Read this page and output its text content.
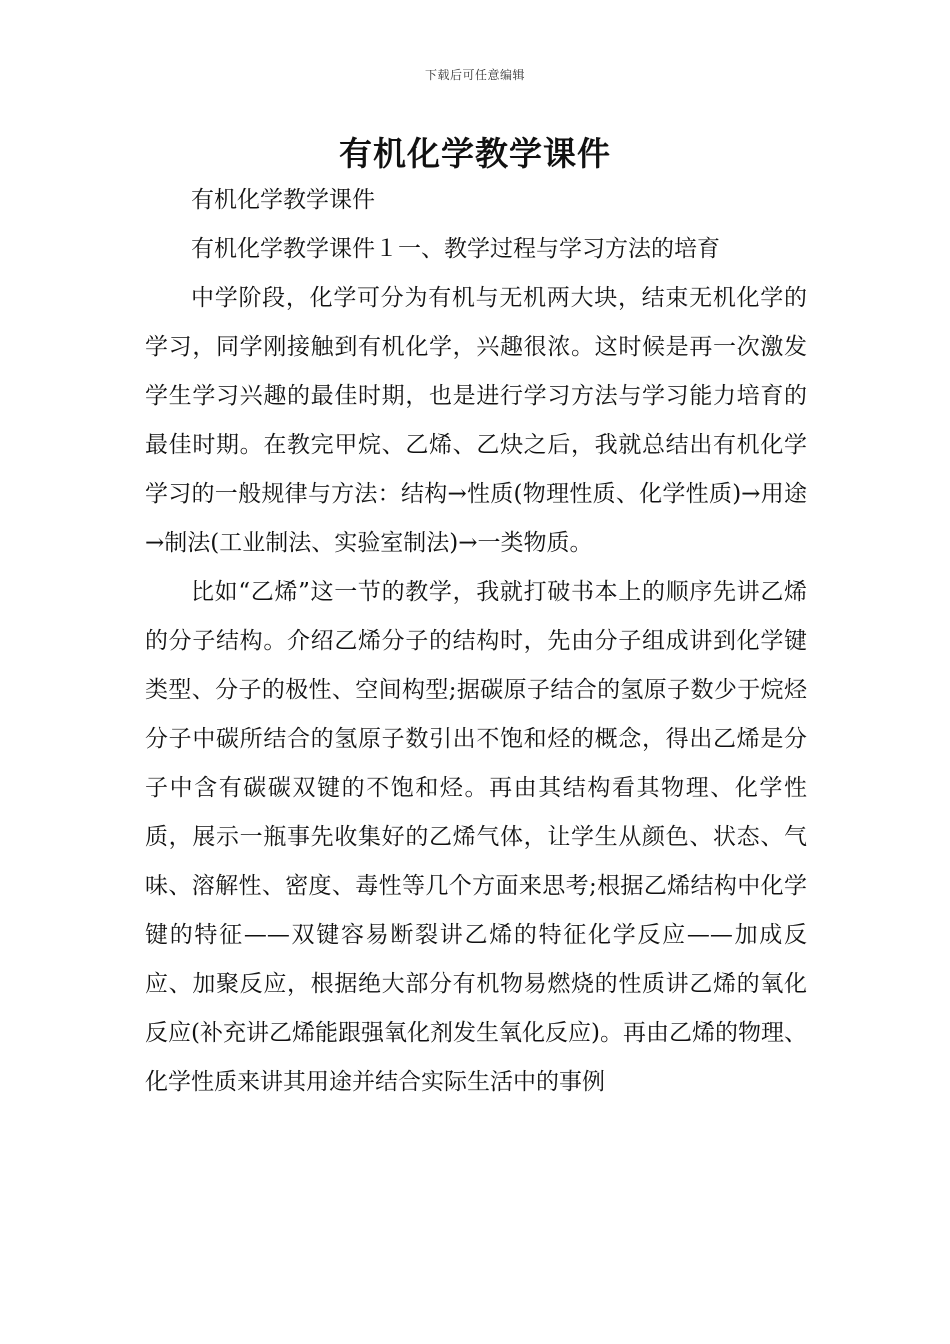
下载后可任意编辑
有机化学教学课件

有机化学教学课件

有机化学教学课件１一、教学过程与学习方法的培育

中学阶段，化学可分为有机与无机两大块，结束无机化学的学习，同学刚接触到有机化学，兴趣很浓。这时候是再一次激发学生学习兴趣的最佳时期，也是进行学习方法与学习能力培育的最佳时期。在教完甲烷、乙烯、乙炔之后，我就总结出有机化学学习的一般规律与方法：结构→性质(物理性质、化学性质)→用途→制法(工业制法、实验室制法)→一类物质。

比如“乙烯”这一节的教学，我就打破书本上的顺序先讲乙烯的分子结构。介绍乙烯分子的结构时，先由分子组成讲到化学键类型、分子的极性、空间构型;据碳原子结合的氢原子数少于烷烃分子中碳所结合的氢原子数引出不饱和烃的概念，得出乙烯是分子中含有碳碳双键的不饱和烃。再由其结构看其物理、化学性质，展示一瓶事先收集好的乙烯气体，让学生从颜色、状态、气味、溶解性、密度、毒性等几个方面来思考;根据乙烯结构中化学键的特征——双键容易断裂讲乙烯的特征化学反应——加成反应、加聚反应，根据绝大部分有机物易燃烧的性质讲乙烯的氧化反应(补充讲乙烯能跟强氧化剂发生氧化反应)。再由乙烯的物理、化学性质来讲其用途并结合实际生活中的事例
